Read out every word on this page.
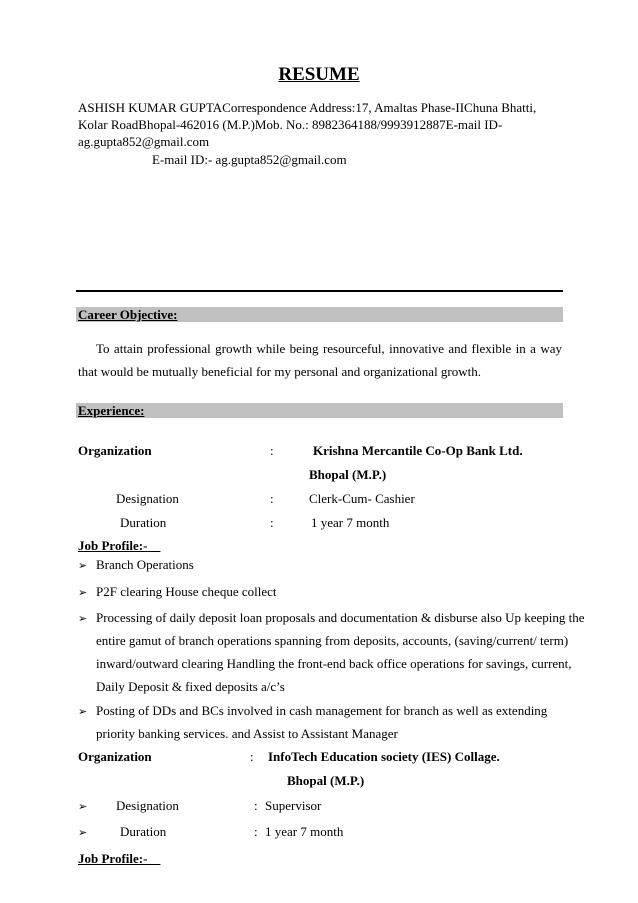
RESUME
ASHISH KUMAR GUPTACorrespondence Address:17, Amaltas Phase-IIChuna Bhatti, Kolar RoadBhopal-462016 (M.P.)Mob. No.: 8982364188/9993912887E-mail ID-ag.gupta852@gmail.com
E-mail ID:- ag.gupta852@gmail.com
Career Objective:
To attain professional growth while being resourceful, innovative and flexible in a way that would be mutually beneficial for my personal and organizational growth.
Experience:
Organization	:	Krishna Mercantile Co-Op Bank Ltd.
Bhopal (M.P.)
Designation	:	Clerk-Cum- Cashier
Duration	:	1 year 7 month
Job Profile:-
➢ Branch Operations
➢ P2F clearing House cheque collect
➢ Processing of daily deposit loan proposals and documentation & disburse also Up keeping the entire gamut of branch operations spanning from deposits, accounts, (saving/current/ term) inward/outward clearing Handling the front-end back office operations for savings, current, Daily Deposit & fixed deposits a/c’s
➢ Posting of DDs and BCs involved in cash management for branch as well as extending priority banking services. and Assist to Assistant Manager
Organization	: InfoTech Education society (IES) Collage.
Bhopal (M.P.)
➢	Designation	: Supervisor
➢	Duration	: 1 year 7 month
Job Profile:-
